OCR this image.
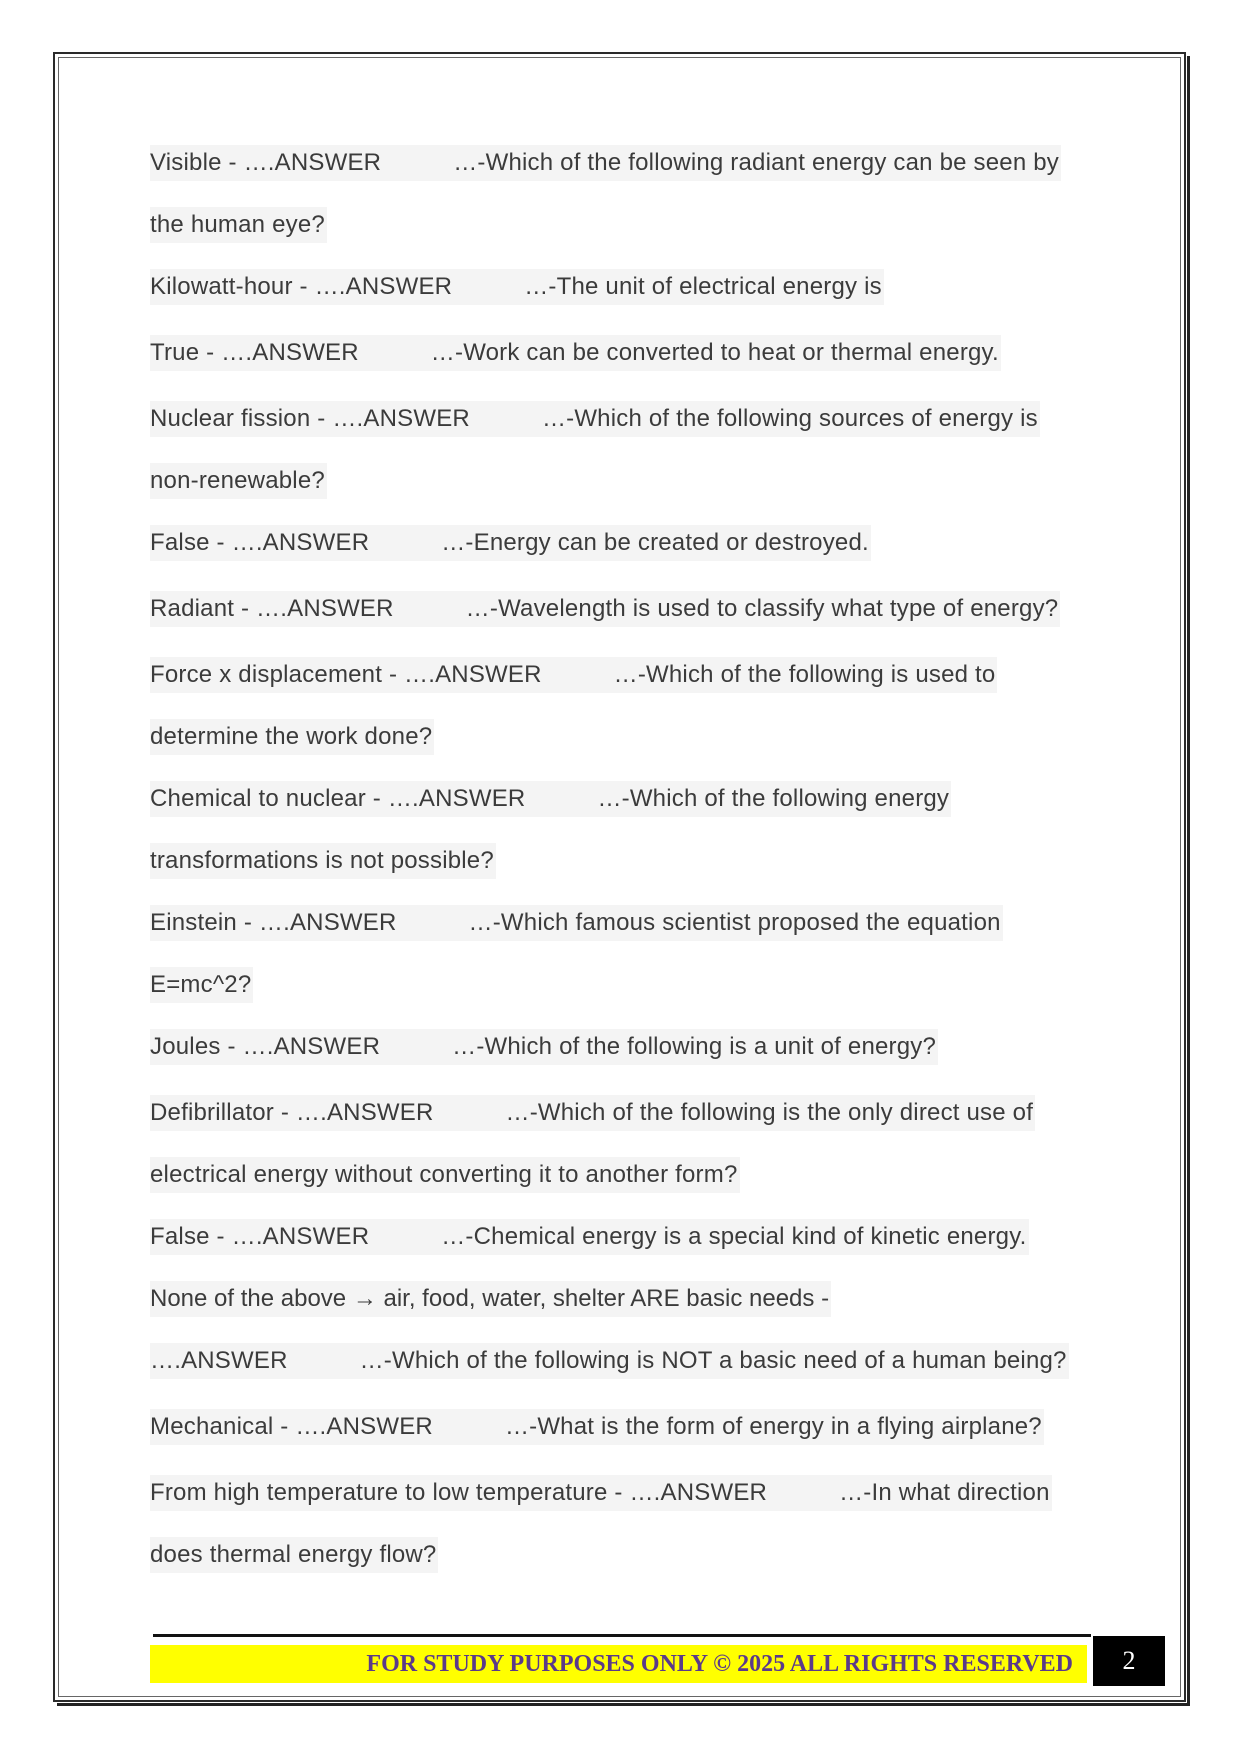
Visible - ….ANSWER	…-Which of the following radiant energy can be seen by
the human eye?
Kilowatt-hour - ….ANSWER	…-The unit of electrical energy is
True - ….ANSWER	…-Work can be converted to heat or thermal energy.
Nuclear fission - ….ANSWER	…-Which of the following sources of energy is
non-renewable?
False - ….ANSWER	…-Energy can be created or destroyed.
Radiant - ….ANSWER	…-Wavelength is used to classify what type of energy?
Force x displacement - ….ANSWER	…-Which of the following is used to
determine the work done?
Chemical to nuclear - ….ANSWER	…-Which of the following energy
transformations is not possible?
Einstein - ….ANSWER	…-Which famous scientist proposed the equation
E=mc^2?
Joules - ….ANSWER	…-Which of the following is a unit of energy?
Defibrillator - ….ANSWER	…-Which of the following is the only direct use of
electrical energy without converting it to another form?
False - ….ANSWER	…-Chemical energy is a special kind of kinetic energy.
None of the above → air, food, water, shelter ARE basic needs -
….ANSWER	…-Which of the following is NOT a basic need of a human being?
Mechanical - ….ANSWER	…-What is the form of energy in a flying airplane?
From high temperature to low temperature - ….ANSWER	…-In what direction
does thermal energy flow?
FOR STUDY PURPOSES ONLY © 2025 ALL RIGHTS RESERVED	2
